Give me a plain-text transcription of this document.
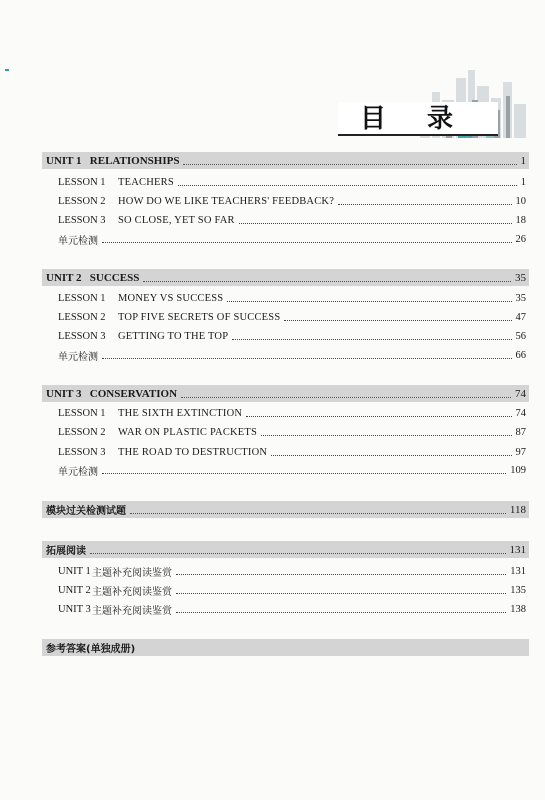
目 录
UNIT 1   RELATIONSHIPS	1
LESSON 1	TEACHERS	1
LESSON 2	HOW DO WE LIKE TEACHERS' FEEDBACK?	10
LESSON 3	SO CLOSE, YET SO FAR	18
单元检测	26
UNIT 2   SUCCESS	35
LESSON 1	MONEY VS SUCCESS	35
LESSON 2	TOP FIVE SECRETS OF SUCCESS	47
LESSON 3	GETTING TO THE TOP	56
单元检测	66
UNIT 3   CONSERVATION	74
LESSON 1	THE SIXTH EXTINCTION	74
LESSON 2	WAR ON PLASTIC PACKETS	87
LESSON 3	THE ROAD TO DESTRUCTION	97
单元检测	109
模块过关检测试题	118
拓展阅读	131
UNIT 1 主题补充阅读鉴赏	131
UNIT 2 主题补充阅读鉴赏	135
UNIT 3 主题补充阅读鉴赏	138
参考答案(单独成册)
